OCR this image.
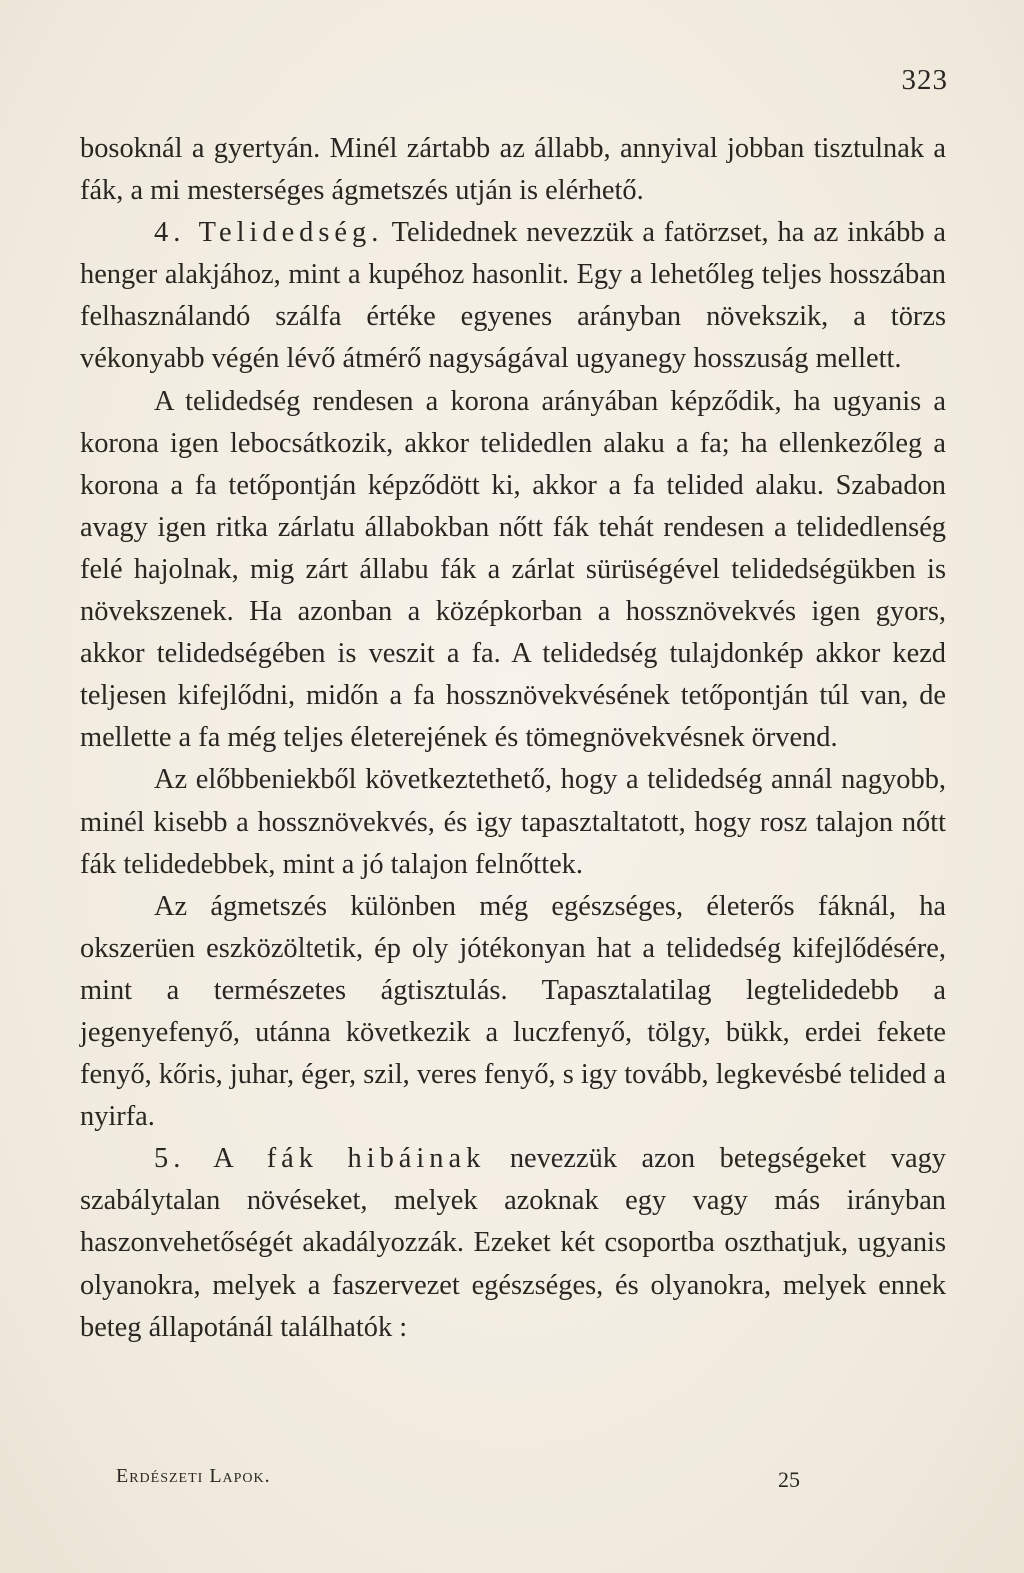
323

bosoknál a gyertyán. Minél zártabb az állabb, annyival jobban tisztulnak a fák, a mi mesterséges ágmetszés utján is elérhető.

4. Telidedség. Telidednek nevezzük a fatörzset, ha az inkább a henger alakjához, mint a kupéhoz hasonlit. Egy a lehetőleg teljes hosszában felhasználandó szálfa értéke egyenes arányban növekszik, a törzs vékonyabb végén lévő átmérő nagyságával ugyanegy hosszuság mellett.

A telidedség rendesen a korona arányában képződik, ha ugyanis a korona igen lebocsátkozik, akkor telidedlen alaku a fa; ha ellenkezőleg a korona a fa tetőpontján képződött ki, akkor a fa telided alaku. Szabadon avagy igen ritka zárlatu állabokban nőtt fák tehát rendesen a telidedlenség felé hajolnak, mig zárt állabu fák a zárlat sürüségével telidedségükben is növekszenek. Ha azonban a középkorban a hossznövekvés igen gyors, akkor telidedségében is veszit a fa. A telidedség tulajdonkép akkor kezd teljesen kifejlődni, midőn a fa hossznövekvésének tetőpontján túl van, de mellette a fa még teljes életerejének és tömegnövekvésnek örvend.

Az előbbeniekből következtethető, hogy a telidedség annál nagyobb, minél kisebb a hossznövekvés, és igy tapasztaltatott, hogy rosz talajon nőtt fák telidedebbek, mint a jó talajon felnőttek.

Az ágmetszés különben még egészséges, életerős fáknál, ha okszerüen eszközöltetik, ép oly jótékonyan hat a telidedség kifejlődésére, mint a természetes ágtisztulás. Tapasztalatilag legtelidedebb a jegenyefenyő, utánna következik a luczfenyő, tölgy, bükk, erdei fekete fenyő, kőris, juhar, éger, szil, veres fenyő, s igy tovább, legkevésbé telided a nyirfa.

5. A fák hibáinak nevezzük azon betegségeket vagy szabálytalan növéseket, melyek azoknak egy vagy más irányban haszonvehetőségét akadályozzák. Ezeket két csoportba oszthatjuk, ugyanis olyanokra, melyek a faszervezet egészséges, és olyanokra, melyek ennek beteg állapotánál találhatók :

Erdészeti Lapok.	25
